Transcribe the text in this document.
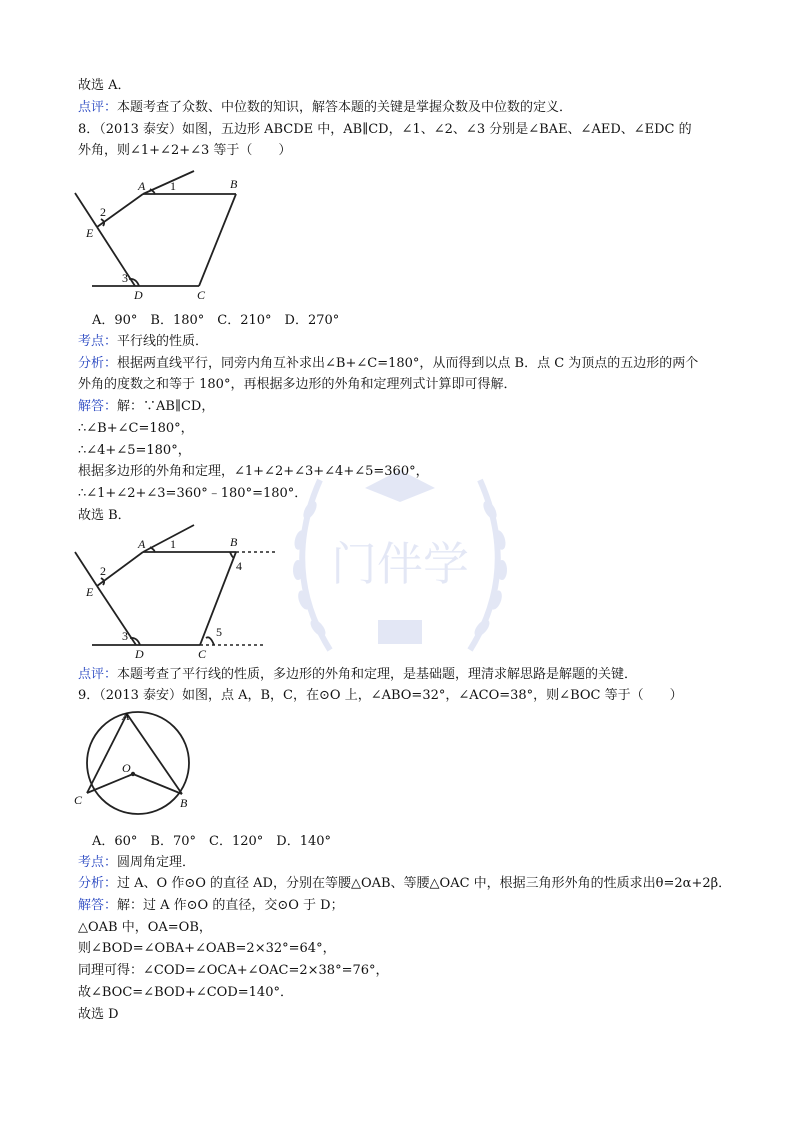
门伴学
故选 A．
点评：本题考查了众数、中位数的知识，解答本题的关键是掌握众数及中位数的定义．
8．（2013 泰安）如图，五边形 ABCDE 中，AB∥CD，∠1、∠2、∠3 分别是∠BAE、∠AED、∠EDC 的
外角，则∠1+∠2+∠3 等于（　　）
A 1	B
2
E
3
D	C
A．90°　B．180°　C．210°　D．270°
考点：平行线的性质．
分析：根据两直线平行，同旁内角互补求出∠B+∠C=180°，从而得到以点 B．点 C 为顶点的五边形的两个
外角的度数之和等于 180°，再根据多边形的外角和定理列式计算即可得解．
解答：解：∵AB∥CD，
∴∠B+∠C=180°，
∴∠4+∠5=180°，
根据多边形的外角和定理，∠1+∠2+∠3+∠4+∠5=360°，
∴∠1+∠2+∠3=360°﹣180°=180°．
故选 B．
A 1	B
4
2
E
3	5
D	C
点评：本题考查了平行线的性质，多边形的外角和定理，是基础题，理清求解思路是解题的关键．
9．（2013 泰安）如图，点 A，B，C，在⊙O 上，∠ABO=32°，∠ACO=38°，则∠BOC 等于（　　）
A
O
C	B
A．60°　B．70°　C．120°　D．140°
考点：圆周角定理．
分析：过 A、O 作⊙O 的直径 AD，分别在等腰△OAB、等腰△OAC 中，根据三角形外角的性质求出θ=2α+2β．
解答：解：过 A 作⊙O 的直径，交⊙O 于 D；
△OAB 中，OA=OB，
则∠BOD=∠OBA+∠OAB=2×32°=64°，
同理可得：∠COD=∠OCA+∠OAC=2×38°=76°，
故∠BOC=∠BOD+∠COD=140°．
故选 D
